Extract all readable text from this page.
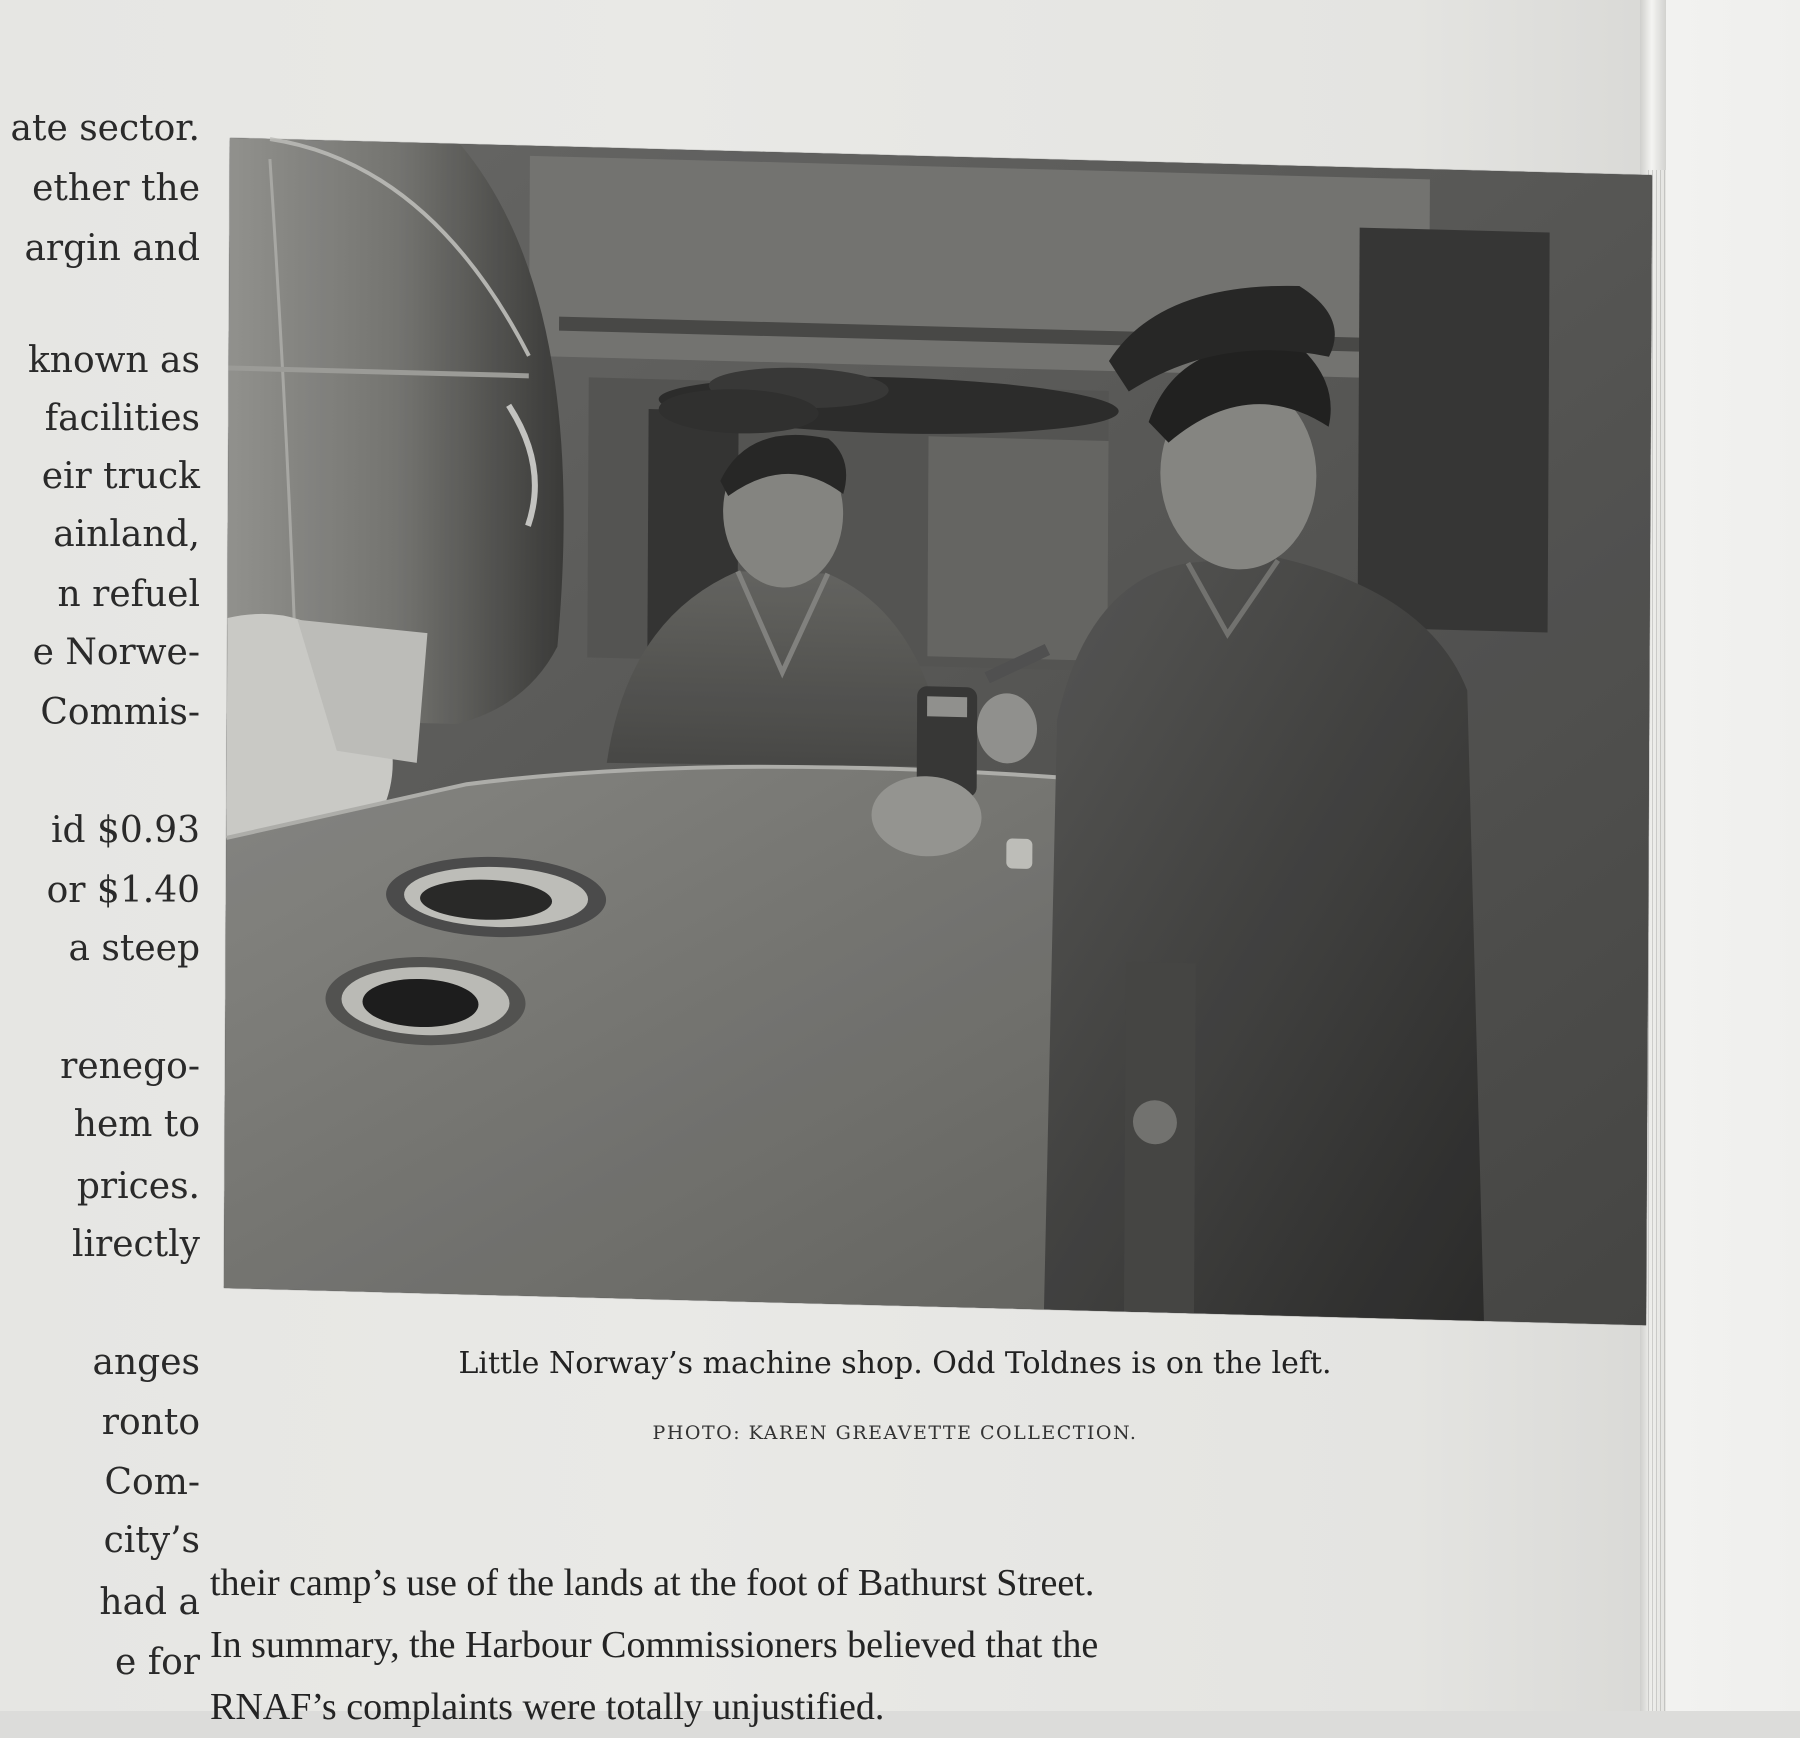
ate sector.
ether the
argin and
known as
facilities
eir truck
ainland,
n refuel
e Norwe-
Commis-
id $0.93
or $1.40
a steep
renego-
hem to
prices.
lirectly
anges
ronto
Com-
city’s
had a
Little Norway’s machine shop. Odd Toldnes is on the left.
PHOTO: KAREN GREAVETTE COLLECTION.
their camp’s use of the lands at the foot of Bathurst Street.
In summary, the Harbour Commissioners believed that the
RNAF’s complaints were totally unjustified.
